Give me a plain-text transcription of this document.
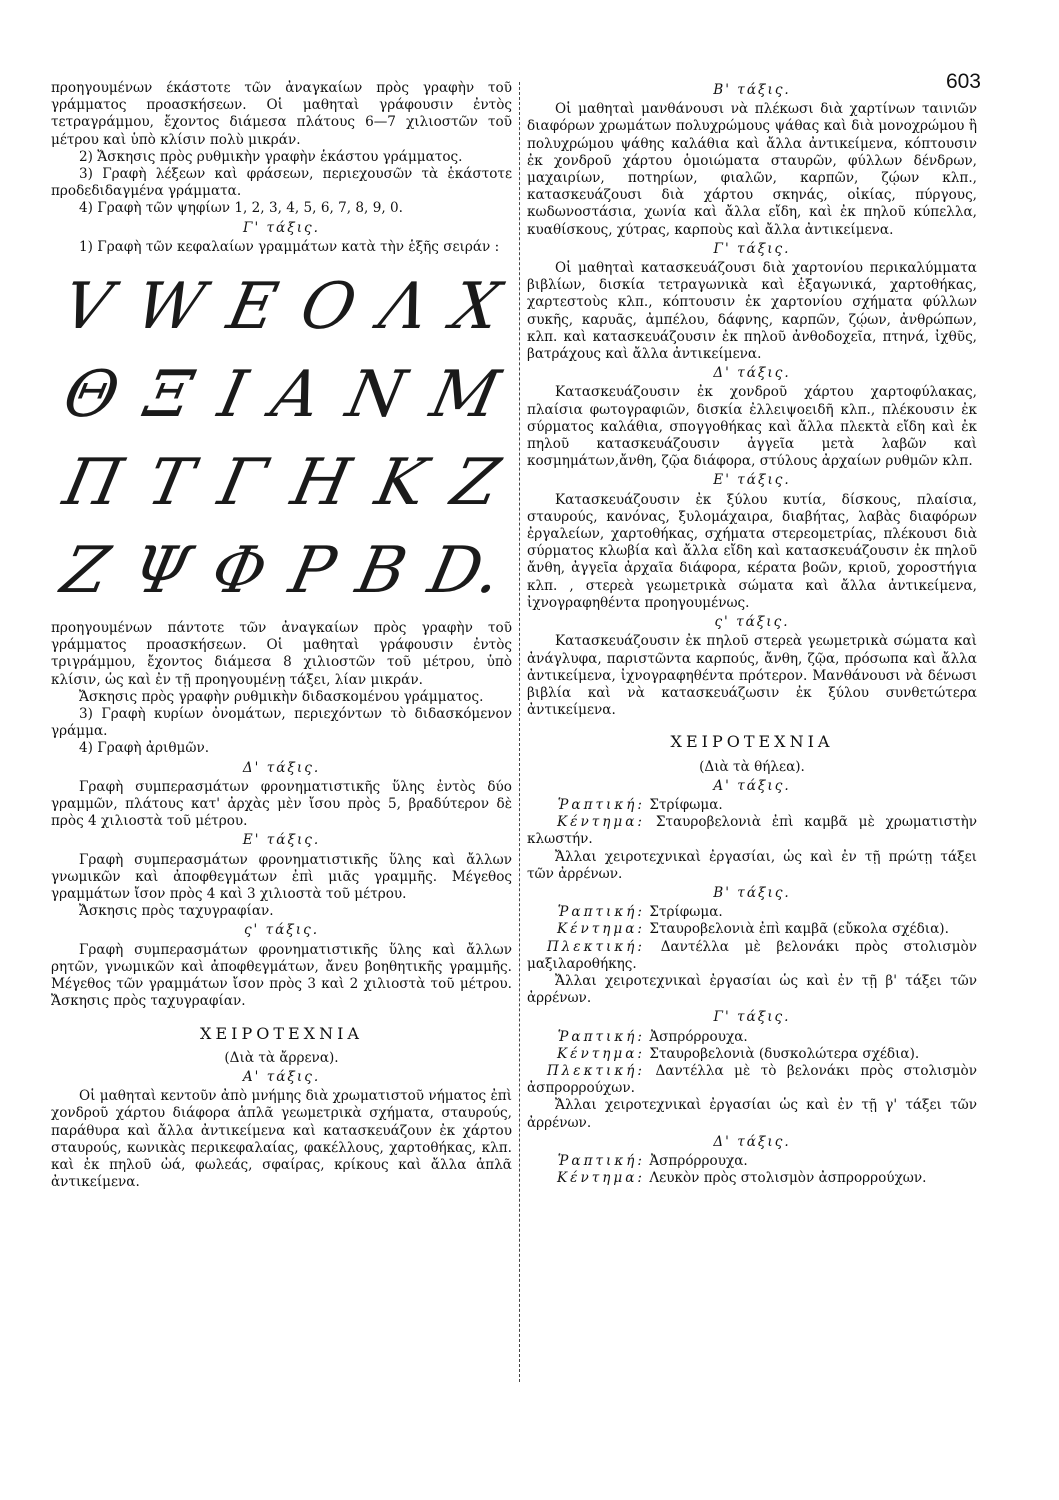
603

προηγουμένων έκάστοτε τῶν ἀναγκαίων πρὸς γραφὴν τοῦ γράμματος προασκήσεων. Οἱ μαθηταὶ γράφουσιν ἐντὸς τετραγράμμου, ἔχοντος διάμεσα πλάτους 6—7 χιλιοστῶν τοῦ μέτρου καὶ ὑπὸ κλίσιν πολὺ μικράν.

2) Ἄσκησις πρὸς ρυθμικὴν γραφὴν ἑκάστου γράμματος.

3) Γραφὴ λέξεων καὶ φράσεων, περιεχουσῶν τὰ ἑκάστοτε προδεδιδαγμένα γράμματα.

4) Γραφὴ τῶν ψηφίων 1, 2, 3, 4, 5, 6, 7, 8, 9, 0.

Γ' τάξις.

1) Γραφὴ τῶν κεφαλαίων γραμμάτων κατὰ τὴν ἑξῆς σειράν :

V W E O Λ X
Θ Ξ I A N M
Π T Γ H K Z
Ζ Ψ Φ P B D.

προηγουμένων πάντοτε τῶν ἀναγκαίων πρὸς γραφὴν τοῦ γράμματος προασκήσεων. Οἱ μαθηταὶ γράφουσιν ἐντὸς τριγράμμου, ἔχοντος διάμεσα 8 χιλιοστῶν τοῦ μέτρου, ὑπὸ κλίσιν, ὡς καὶ ἐν τῇ προηγουμένῃ τάξει, λίαν μικράν.

Ἄσκησις πρὸς γραφὴν ρυθμικὴν διδασκομένου γράμματος.

3) Γραφὴ κυρίων ὀνομάτων, περιεχόντων τὸ διδασκόμενον γράμμα.

4) Γραφὴ ἀριθμῶν.

Δ' τάξις.

Γραφὴ συμπερασμάτων φρονηματιστικῆς ὕλης ἐντὸς δύο γραμμῶν, πλάτους κατ' ἀρχὰς μὲν ἴσου πρὸς 5, βραδύτερον δὲ πρὸς 4 χιλιοστὰ τοῦ μέτρου.

Ε' τάξις.

Γραφὴ συμπερασμάτων φρονηματιστικῆς ὕλης καὶ ἄλλων γνωμικῶν καὶ ἀποφθεγμάτων ἐπὶ μιᾶς γραμμῆς. Μέγεθος γραμμάτων ἴσον πρὸς 4 καὶ 3 χιλιοστὰ τοῦ μέτρου.

Ἄσκησις πρὸς ταχυγραφίαν.

ς' τάξις.

Γραφὴ συμπερασμάτων φρονηματιστικῆς ὕλης καὶ ἄλλων ρητῶν, γνωμικῶν καὶ ἀποφθεγμάτων, ἄνευ βοηθητικῆς γραμμῆς. Μέγεθος τῶν γραμμάτων ἴσον πρὸς 3 καὶ 2 χιλιοστὰ τοῦ μέτρου. Ἄσκησις πρὸς ταχυγραφίαν.

ΧΕΙΡΟΤΕΧΝΙΑ

(Διὰ τὰ ἄρρενα).

Α' τάξις.

Οἱ μαθηταὶ κεντοῦν ἀπὸ μνήμης διὰ χρωματιστοῦ νήματος ἐπὶ χονδροῦ χάρτου διάφορα ἁπλᾶ γεωμετρικὰ σχήματα, σταυρούς, παράθυρα καὶ ἄλλα ἀντικείμενα καὶ κατασκευάζουν ἐκ χάρτου σταυρούς, κωνικὰς περικεφαλαίας, φακέλλους, χαρτοθήκας, κλπ. καὶ ἐκ πηλοῦ ὠά, φωλεάς, σφαίρας, κρίκους καὶ ἄλλα ἁπλᾶ ἀντικείμενα.

Β' τάξις.

Οἱ μαθηταὶ μανθάνουσι νὰ πλέκωσι διὰ χαρτίνων ταινιῶν διαφόρων χρωμάτων πολυχρώμους ψάθας καὶ διὰ μονοχρώμου ἢ πολυχρώμου ψάθης καλάθια καὶ ἄλλα ἀντικείμενα, κόπτουσιν ἐκ χονδροῦ χάρτου ὁμοιώματα σταυρῶν, φύλλων δένδρων, μαχαιρίων, ποτηρίων, φιαλῶν, καρπῶν, ζῴων κλπ., κατασκευάζουσι διὰ χάρτου σκηνάς, οἰκίας, πύργους, κωδωνοστάσια, χωνία καὶ ἄλλα εἴδη, καὶ ἐκ πηλοῦ κύπελλα, κυαθίσκους, χύτρας, καρποὺς καὶ ἄλλα ἀντικείμενα.

Γ' τάξις.

Οἱ μαθηταὶ κατασκευάζουσι διὰ χαρτονίου περικαλύμματα βιβλίων, δισκία τετραγωνικὰ καὶ ἑξαγωνικά, χαρτοθήκας, χαρτεστοὺς κλπ., κόπτουσιν ἐκ χαρτονίου σχήματα φύλλων συκῆς, καρυᾶς, ἀμπέλου, δάφνης, καρπῶν, ζῴων, ἀνθρώπων, κλπ. καὶ κατασκευάζουσιν ἐκ πηλοῦ ἀνθοδοχεῖα, πτηνά, ἰχθῦς, βατράχους καὶ ἄλλα ἀντικείμενα.

Δ' τάξις.

Κατασκευάζουσιν ἐκ χονδροῦ χάρτου χαρτοφύλακας, πλαίσια φωτογραφιῶν, δισκία ἐλλειψοειδῆ κλπ., πλέκουσιν ἐκ σύρματος καλάθια, σπογγοθήκας καὶ ἄλλα πλεκτὰ εἴδη καὶ ἐκ πηλοῦ κατασκευάζουσιν ἀγγεῖα μετὰ λαβῶν καὶ κοσμημάτων,ἄνθη, ζῷα διάφορα, στύλους ἀρχαίων ρυθμῶν κλπ.

Ε' τάξις.

Κατασκευάζουσιν ἐκ ξύλου κυτία, δίσκους, πλαίσια, σταυρούς, κανόνας, ξυλομάχαιρα, διαβήτας, λαβὰς διαφόρων ἐργαλείων, χαρτοθήκας, σχήματα στερεομετρίας, πλέκουσι διὰ σύρματος κλωβία καὶ ἄλλα εἴδη καὶ κατασκευάζουσιν ἐκ πηλοῦ ἄνθη, ἀγγεῖα ἀρχαῖα διάφορα, κέρατα βοῶν, κριοῦ, χοροστήγια κλπ. , στερεὰ γεωμετρικὰ σώματα καὶ ἄλλα ἀντικείμενα, ἰχνογραφηθέντα προηγουμένως.

ς' τάξις.

Κατασκευάζουσιν ἐκ πηλοῦ στερεὰ γεωμετρικὰ σώματα καὶ ἀνάγλυφα, παριστῶντα καρπούς, ἄνθη, ζῷα, πρόσωπα καὶ ἄλλα ἀντικείμενα, ἰχνογραφηθέντα πρότερον. Μανθάνουσι νὰ δένωσι βιβλία καὶ νὰ κατασκευάζωσιν ἐκ ξύλου συνθετώτερα ἀντικείμενα.

ΧΕΙΡΟΤΕΧΝΙΑ

(Διὰ τὰ θήλεα).

Α' τάξις.

Ῥαπτική: Στρίφωμα.

Κέντημα: Σταυροβελονιὰ ἐπὶ καμβᾶ μὲ χρωματιστὴν κλωστήν.

Ἄλλαι χειροτεχνικαὶ ἐργασίαι, ὡς καὶ ἐν τῇ πρώτῃ τάξει τῶν ἀρρένων.

Β' τάξις.

Ῥαπτική: Στρίφωμα.

Κέντημα: Σταυροβελονιὰ ἐπὶ καμβᾶ (εὔκολα σχέδια).

Πλεκτική: Δαντέλλα μὲ βελονάκι πρὸς στολισμὸν μαξιλαροθήκης.

Ἄλλαι χειροτεχνικαὶ ἐργασίαι ὡς καὶ ἐν τῇ β' τάξει τῶν ἀρρένων.

Γ' τάξις.

Ῥαπτική: Ἀσπρόρρουχα.

Κέντημα: Σταυροβελονιὰ (δυσκολώτερα σχέδια).

Πλεκτική: Δαντέλλα μὲ τὸ βελονάκι πρὸς στολισμὸν ἀσπρορρούχων.

Ἄλλαι χειροτεχνικαὶ ἐργασίαι ὡς καὶ ἐν τῇ γ' τάξει τῶν ἀρρένων.

Δ' τάξις.

Ῥαπτική: Ἀσπρόρρουχα.

Κέντημα: Λευκὸν πρὸς στολισμὸν ἀσπρορρούχων.
